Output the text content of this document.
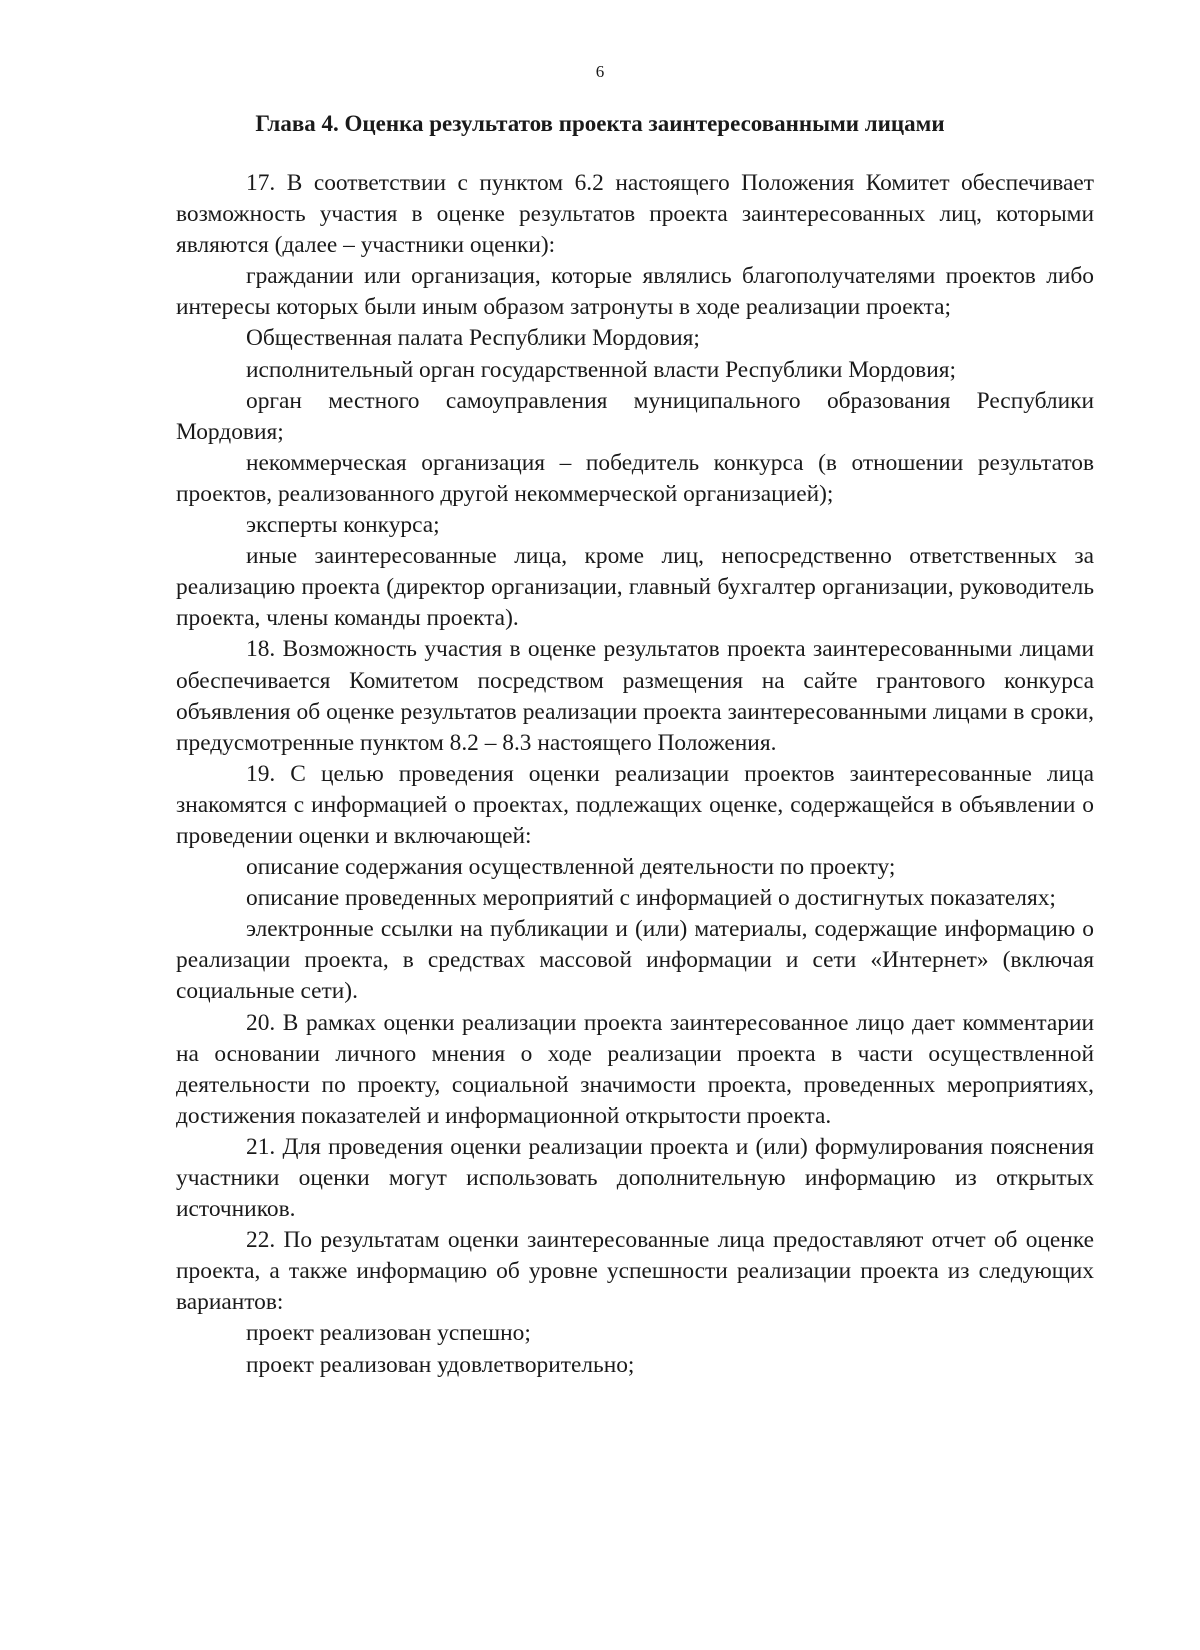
6
Глава 4. Оценка результатов проекта заинтересованными лицами

17. В соответствии с пунктом 6.2 настоящего Положения Комитет обеспечивает возможность участия в оценке результатов проекта заинтересованных лиц, которыми являются (далее – участники оценки):

граждании или организация, которые являлись благополучателями проектов либо интересы которых были иным образом затронуты в ходе реализации проекта;

Общественная палата Республики Мордовия;

исполнительный орган государственной власти Республики Мордовия;

орган местного самоуправления муниципального образования Республики Мордовия;

некоммерческая организация – победитель конкурса (в отношении результатов проектов, реализованного другой некоммерческой организацией);

эксперты конкурса;

иные заинтересованные лица, кроме лиц, непосредственно ответственных за реализацию проекта (директор организации, главный бухгалтер организации, руководитель проекта, члены команды проекта).

18. Возможность участия в оценке результатов проекта заинтересованными лицами обеспечивается Комитетом посредством размещения на сайте грантового конкурса объявления об оценке результатов реализации проекта заинтересованными лицами в сроки, предусмотренные пунктом 8.2 – 8.3 настоящего Положения.

19. С целью проведения оценки реализации проектов заинтересованные лица знакомятся с информацией о проектах, подлежащих оценке, содержащейся в объявлении о проведении оценки и включающей:

описание содержания осуществленной деятельности по проекту;

описание проведенных мероприятий с информацией о достигнутых показателях;

электронные ссылки на публикации и (или) материалы, содержащие информацию о реализации проекта, в средствах массовой информации и сети «Интернет» (включая социальные сети).

20. В рамках оценки реализации проекта заинтересованное лицо дает комментарии на основании личного мнения о ходе реализации проекта в части осуществленной деятельности по проекту, социальной значимости проекта, проведенных мероприятиях, достижения показателей и информационной открытости проекта.

21. Для проведения оценки реализации проекта и (или) формулирования пояснения участники оценки могут использовать дополнительную информацию из открытых источников.

22. По результатам оценки заинтересованные лица предоставляют отчет об оценке проекта, а также информацию об уровне успешности реализации проекта из следующих вариантов:

проект реализован успешно;

проект реализован удовлетворительно;
